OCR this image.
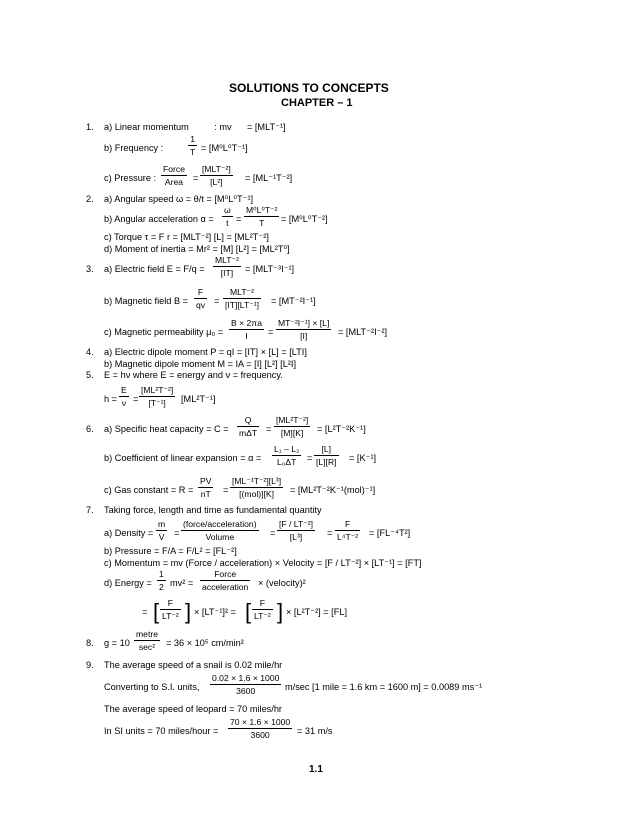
SOLUTIONS TO CONCEPTS
CHAPTER – 1
1.
2.
3.
4.
5.
6.
7.
8.
9.
a) Linear momentum          : mv      = [MLT⁻¹]
b) Frequency :	$\frac{1}{T} = [M^0L^0T^{-1}]$
c) Pressure :
Force
Area	=
[MLT⁻²]
[L²]	= [ML⁻¹T⁻²]
a) Angular speed ω = θ/t = [M⁰L⁰T⁻¹]
b) Angular acceleration $\alpha = \frac{\omega}{t} = \frac{\text{M⁰L⁰T⁻²}}{T} = [M^0L^0T^{-2}]$
c) Torque τ = F r = [MLT⁻²] [L] = [ML²T⁻²]
d) Moment of inertia = Mr² = [M] [L²] = [ML²T⁰]
a) Electric field E = F/q =
MLT⁻²
[IT]	= [MLT⁻³I⁻¹]
b) Magnetic field $B = \frac{F}{qv}$ =
MLT⁻²
[IT][LT⁻¹] = [MT⁻²I⁻¹]
c) Magnetic permeability $\mu_0 = \frac{B \times 2\pi a}{I} = \frac{\text{MT⁻²I⁻¹] × [L]}}{[I]} = [MLT^{-2}I^{-2}]$
a) Electric dipole moment P = qI = [IT] × [L] = [LTI]
b) Magnetic dipole moment M = IA = [I] [L²] [L²I]
E = hν where E = energy and ν = frequency.
$h = \frac{E}{\nu} = \frac{\text{[ML²T⁻²]}}{\text{[T⁻¹]}} [ML^2T^{-1}]$
a) Specific heat capacity = C =
Q
$m\Delta T = \frac{\text{[ML²T⁻²]}}{[M][K]} = [L^2T^{-2}K^{-1}]$
b) Coefficient of linear expansion = $\alpha = \frac{\text{L₁ – L₂}}{\text{L₀ΔT}} = \frac{[L]}{[L][R]} = [K^{-1}]$
c) Gas constant = $R = \frac{PV}{nT}$ =
[ML⁻¹T⁻²][L³]
[(mol)][K]	= [ML²T⁻²K⁻¹(mol)⁻¹]
Taking force, length and time as fundamental quantity
a) Density = $\frac{m}{V}$ =
(force/acceleration)
Volume	= $\frac{\text{[F / LT⁻²]}}{\text{[L³]}} = \frac{F}{\text{L⁴T⁻²}} = [FL^{-4}T^2]$
b) Pressure = F/A = F/L² = [FL⁻²]
c) Momentum = mv (Force / acceleration) × Velocity = [F / LT⁻²] × [LT⁻¹] = [FT]
d) Energy = $\frac{1}{2} mv^2$ =
Force
acceleration × (velocity)²
= [ $\frac{F}{\text{LT⁻²}}$ ] × [LT⁻¹]² = [ $\frac{F}{\text{LT⁻²}}$ ] × [L²T⁻²] = [FL]
g = 10
metre
sec²	= 36 × 10⁵ cm/min²
The average speed of a snail is 0.02 mile/hr
Converting to S.I. units, $\frac{0.02 \times 1.6 \times 1000}{3600} m/\sec$ [1 mile = 1.6 km = 1600 m] = 0.0089 ms⁻¹
The average speed of leopard = 70 miles/hr
In SI units = 70 miles/hour = $\frac{70 \times 1.6 \times 1000}{3600} = 31$ m/s
1.1
